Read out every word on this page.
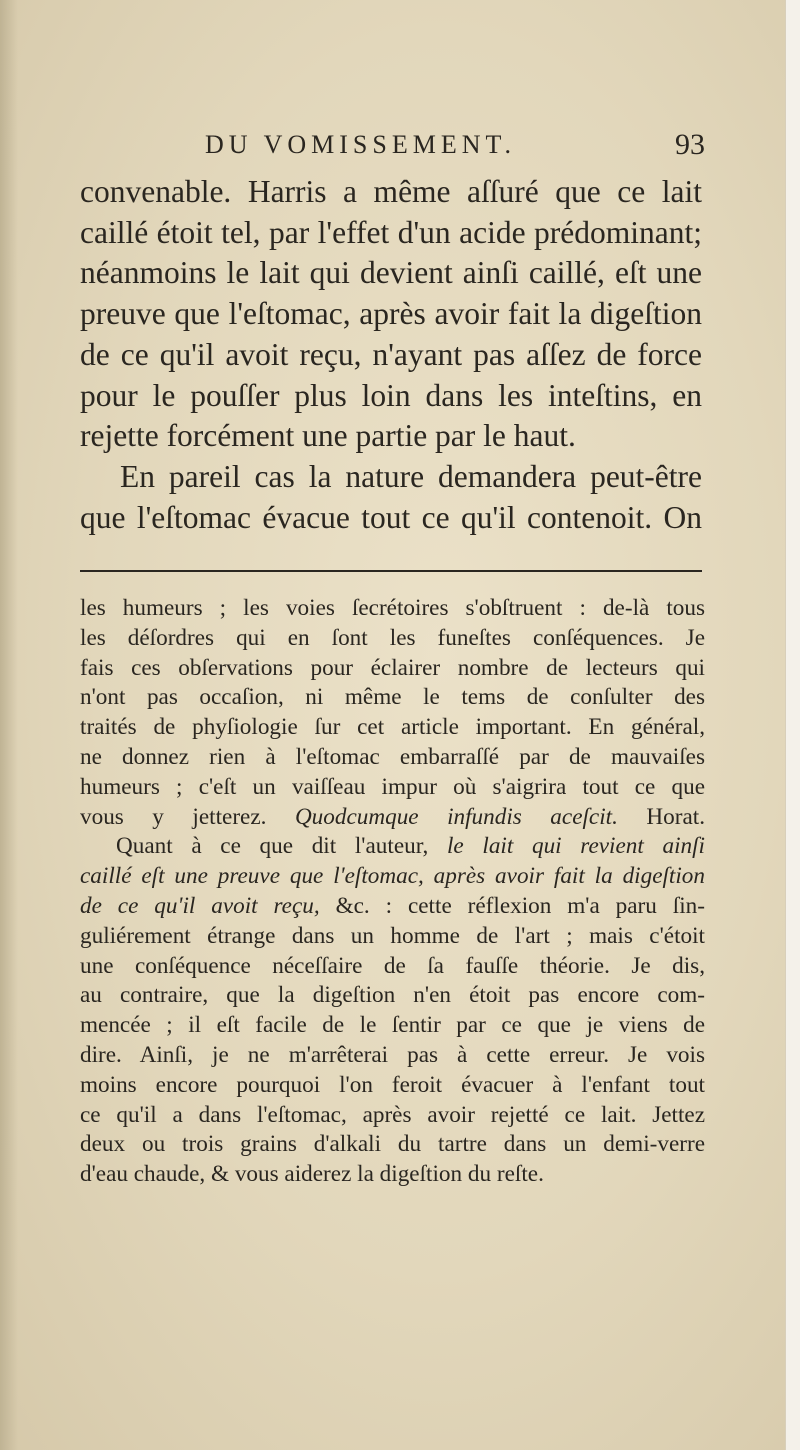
DU VOMISSEMENT.	93
convenable. Harris a même aſſuré que ce lait
caillé étoit tel, par l'effet d'un acide prédominant;
néanmoins le lait qui devient ainſi caillé, eſt une
preuve que l'eſtomac, après avoir fait la digeſtion
de ce qu'il avoit reçu, n'ayant pas aſſez de force
pour le pouſſer plus loin dans les inteſtins, en
rejette forcément une partie par le haut.
En pareil cas la nature demandera peut-être
que l'eſtomac évacue tout ce qu'il contenoit. On
les humeurs ; les voies ſecrétoires s'obſtruent : de-là tous
les déſordres qui en ſont les funeſtes conſéquences. Je
fais ces obſervations pour éclairer nombre de lecteurs qui
n'ont pas occaſion, ni même le tems de conſulter des
traités de phyſiologie ſur cet article important. En général,
ne donnez rien à l'eſtomac embarraſſé par de mauvaiſes
humeurs ; c'eſt un vaiſſeau impur où s'aigrira tout ce que
vous y jetterez. Quodcumque infundis aceſcit. Horat.
Quant à ce que dit l'auteur, le lait qui revient ainſi
caillé eſt une preuve que l'eſtomac, après avoir fait la digeſtion
de ce qu'il avoit reçu, &c. : cette réflexion m'a paru ſin-
guliérement étrange dans un homme de l'art ; mais c'étoit
une conſéquence néceſſaire de ſa fauſſe théorie. Je dis,
au contraire, que la digeſtion n'en étoit pas encore com-
mencée ; il eſt facile de le ſentir par ce que je viens de
dire. Ainſi, je ne m'arrêterai pas à cette erreur. Je vois
moins encore pourquoi l'on feroit évacuer à l'enfant tout
ce qu'il a dans l'eſtomac, après avoir rejetté ce lait. Jettez
deux ou trois grains d'alkali du tartre dans un demi-verre
d'eau chaude, & vous aiderez la digeſtion du reſte.
